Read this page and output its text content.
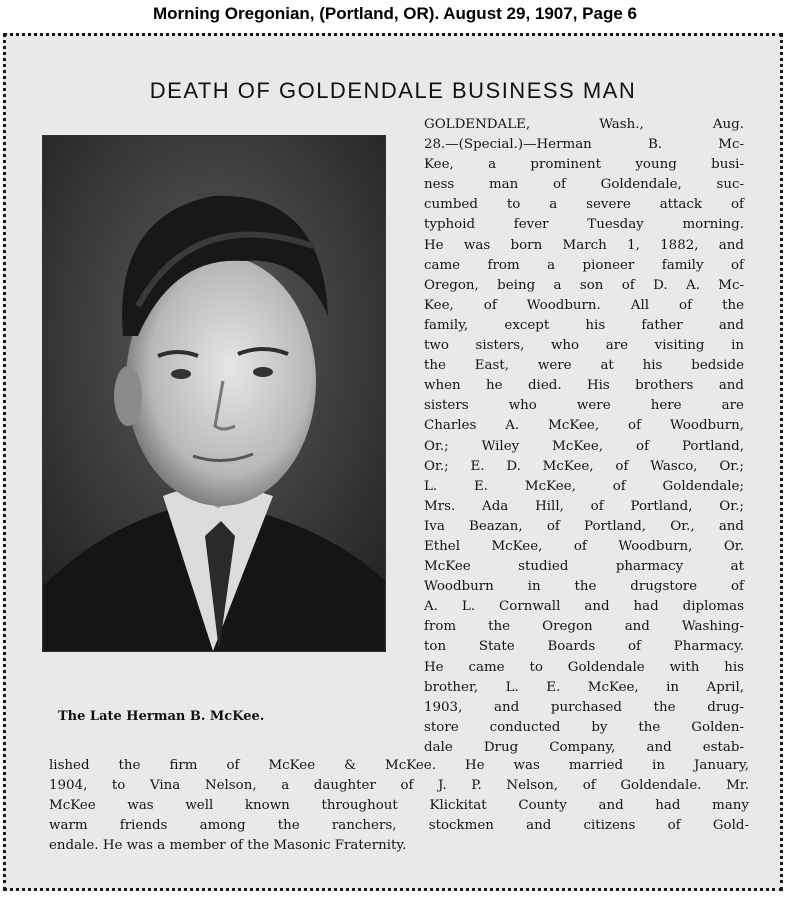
Morning Oregonian, (Portland, OR). August 29, 1907, Page 6
DEATH OF GOLDENDALE BUSINESS MAN
The Late Herman B. McKee.

GOLDENDALE, Wash., Aug.
28.—(Special.)—Herman B. Mc-
Kee, a prominent young busi-
ness man of Goldendale, suc-
cumbed to a severe attack of
typhoid fever Tuesday morning.
He was born March 1, 1882, and
came from a pioneer family of
Oregon, being a son of D. A. Mc-
Kee, of Woodburn. All of the
family, except his father and
two sisters, who are visiting in
the East, were at his bedside
when he died. His brothers and
sisters who were here are
Charles A. McKee, of Woodburn,
Or.; Wiley McKee, of Portland,
Or.; E. D. McKee, of Wasco, Or.;
L. E. McKee, of Goldendale;
Mrs. Ada Hill, of Portland, Or.;
Iva Beazan, of Portland, Or., and
Ethel McKee, of Woodburn, Or.
McKee studied pharmacy at
Woodburn in the drugstore of
A. L. Cornwall and had diplomas
from the Oregon and Washing-
ton State Boards of Pharmacy.
He came to Goldendale with his
brother, L. E. McKee, in April,
1903, and purchased the drug-
store conducted by the Golden-
dale Drug Company, and estab-

lished the firm of McKee & McKee. He was married in January,
1904, to Vina Nelson, a daughter of J. P. Nelson, of Goldendale. Mr.
McKee was well known throughout Klickitat County and had many
warm friends among the ranchers, stockmen and citizens of Gold-
endale. He was a member of the Masonic Fraternity.
